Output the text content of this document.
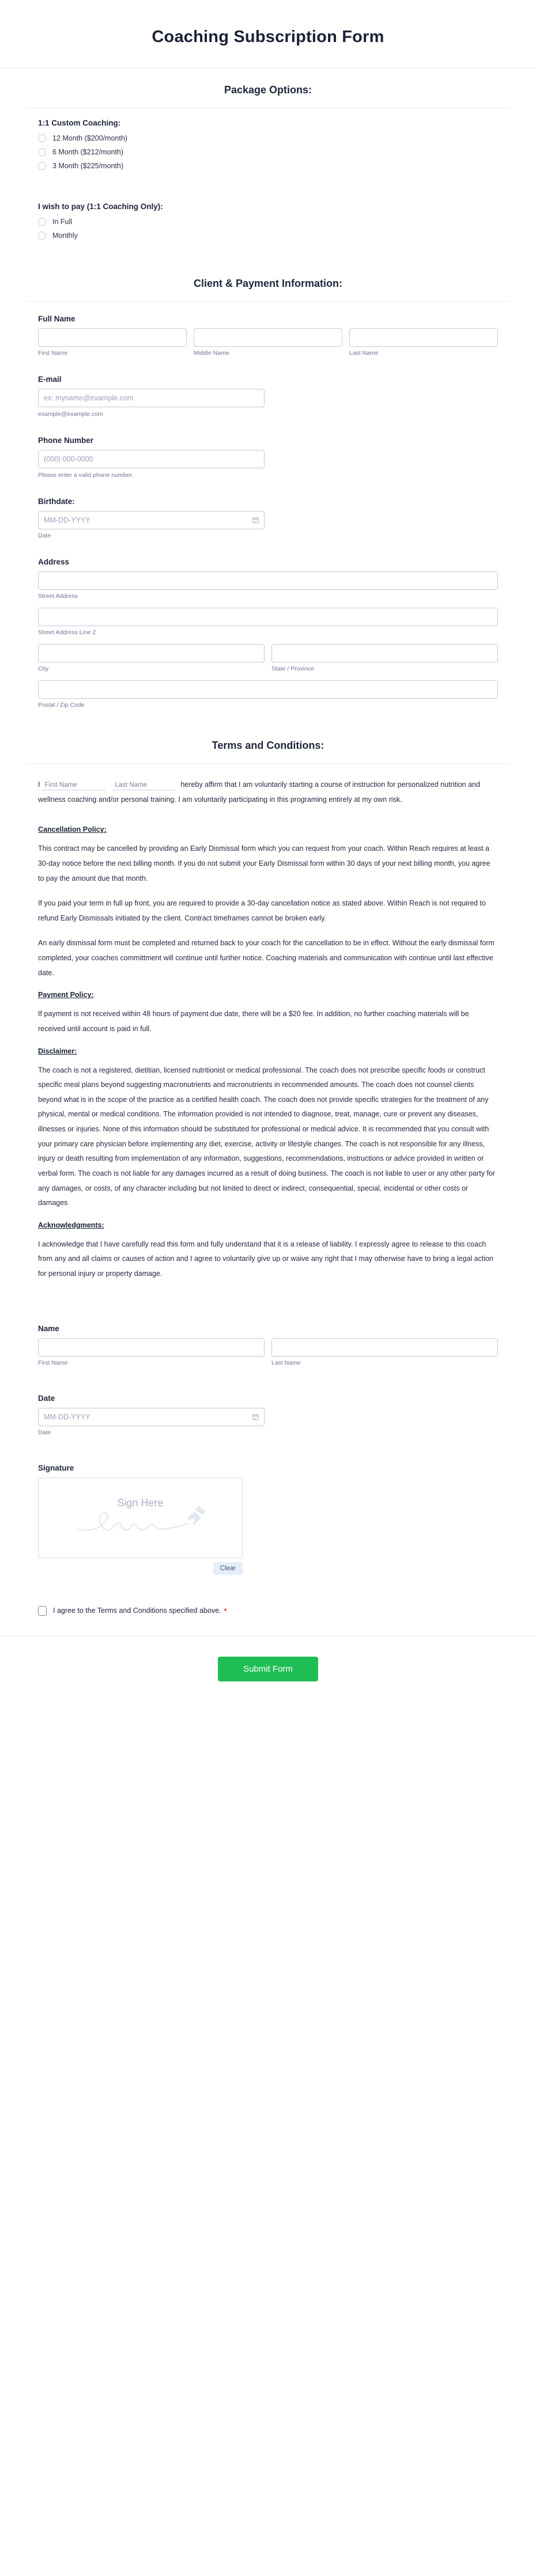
Coaching Subscription Form
Package Options:
1:1 Custom Coaching:
12 Month ($200/month)
6 Month ($212/month)
3 Month ($225/month)
I wish to pay (1:1 Coaching Only):
In Full
Monthly
Client & Payment Information:
Full Name
First Name	Middle Name	Last Name
E-mail
ex: myname@example.com
example@example.com
Phone Number
(000) 000-0000
Please enter a valid phone number.
Birthdate:
MM-DD-YYYY
Date
Address
Street Address
Street Address Line 2
City	State / Province
Postal / Zip Code
Terms and Conditions:

IFirst NameLast Name	hereby affirm that I am voluntarily starting a course of instruction for personalized nutrition and wellness coaching and/or personal training. I am voluntarily participating in this programing entirely at my own risk.

Cancellation Policy:

This contract may be cancelled by providing an Early Dismissal form which you can request from your coach. Within Reach requires at least a 30-day notice before the next billing month. If you do not submit your Early Dismissal form within 30 days of your next billing month, you agree to pay the amount due that month.

If you paid your term in full up front, you are required to provide a 30-day cancellation notice as stated above. Within Reach is not required to refund Early Dismissals initiated by the client. Contract timeframes cannot be broken early.

An early dismissal form must be completed and returned back to your coach for the cancellation to be in effect. Without the early dismissal form completed, your coaches committment will continue until further notice. Coaching materials and communication with continue until last effective date.

Payment Policy:

If payment is not received within 48 hours of payment due date, there will be a $20 fee. In addition, no further coaching materials will be received until account is paid in full.

Disclaimer:

The coach is not a registered, dietitian, licensed nutritionist or medical professional. The coach does not prescribe specific foods or construct specific meal plans beyond suggesting macronutrients and micronutrients in recommended amounts. The coach does not counsel clients beyond what is in the scope of the practice as a certified health coach. The coach does not provide specific strategies for the treatment of any physical, mental or medical conditions. The information provided is not intended to diagnose, treat, manage, cure or prevent any diseases, illnesses or injuries. None of this information should be substituted for professional or medical advice. It is recommended that you consult with your primary care physician before implementing any diet, exercise, activity or lifestyle changes. The coach is not responsible for any illness, injury or death resulting from implementation of any information, suggestions, recommendations, instructions or advice provided in written or verbal form. The coach is not liable for any damages incurred as a result of doing business. The coach is not liable to user or any other party for any damages, or costs, of any character including but not limited to direct or indirect, consequential, special, incidental or other costs or damages

Acknowledgments:

I acknowledge that I have carefully read this form and fully understand that it is a release of liability. I expressly agree to release to this coach from any and all claims or causes of action and I agree to voluntarily give up or waive any right that I may otherwise have to bring a legal action for personal injury or property damage.

Name
First Name	Last Name
Date
MM-DD-YYYY
Date
Signature
Sign Here
Clear
I agree to the Terms and Conditions specified above. *
Submit Form
